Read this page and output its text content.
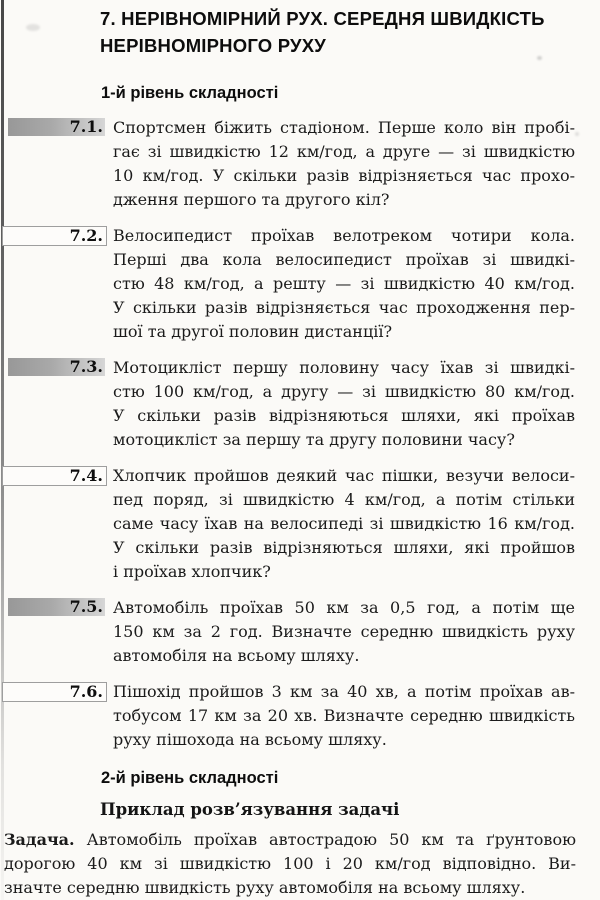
7. НЕРІВНОМІРНИЙ РУХ. СЕРЕДНЯ ШВИДКІСТЬ
НЕРІВНОМІРНОГО РУХУ
1-й рівень складності
7.1. Спортсмен біжить стадіоном. Перше коло він пробі-
гає зі швидкістю 12 км/год, а друге — зі швидкістю
10 км/год. У скільки разів відрізняється час прохо-
дження першого та другого кіл?
7.2. Велосипедист проїхав велотреком чотири кола.
Перші два кола велосипедист проїхав зі швидкі-
стю 48 км/год, а решту — зі швидкістю 40 км/год.
У скільки разів відрізняється час проходження пер-
шої та другої половин дистанції?
7.3. Мотоцикліст першу половину часу їхав зі швидкі-
стю 100 км/год, а другу — зі швидкістю 80 км/год.
У скільки разів відрізняються шляхи, які проїхав
мотоцикліст за першу та другу половини часу?
7.4. Хлопчик пройшов деякий час пішки, везучи велоси-
пед поряд, зі швидкістю 4 км/год, а потім стільки
саме часу їхав на велосипеді зі швидкістю 16 км/год.
У скільки разів відрізняються шляхи, які пройшов
і проїхав хлопчик?
7.5. Автомобіль проїхав 50 км за 0,5 год, а потім ще
150 км за 2 год. Визначте середню швидкість руху
автомобіля на всьому шляху.
7.6. Пішохід пройшов 3 км за 40 хв, а потім проїхав ав-
тобусом 17 км за 20 хв. Визначте середню швидкість
руху пішохода на всьому шляху.
2-й рівень складності
Приклад розв’язування задачі
Задача. Автомобіль проїхав автострадою 50 км та ґрунтовою
дорогою 40 км зі швидкістю 100 і 20 км/год відповідно. Ви-
значте середню швидкість руху автомобіля на всьому шляху.
